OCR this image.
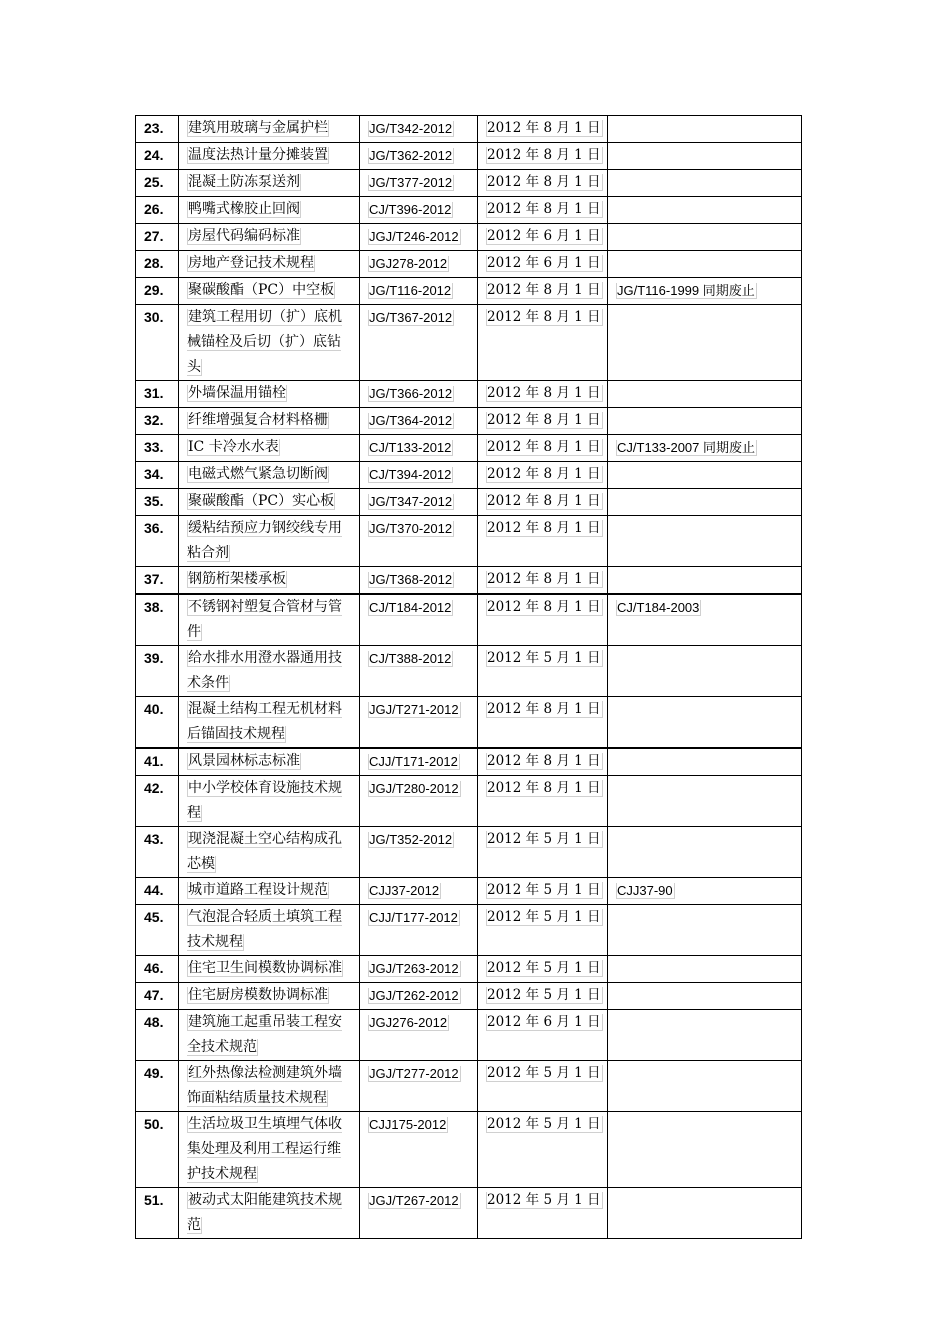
23.	建筑用玻璃与金属护栏	JG/T342-2012	2012 年 8 月 1 日	
24.	温度法热计量分摊装置	JG/T362-2012	2012 年 8 月 1 日	
25.	混凝土防冻泵送剂	JG/T377-2012	2012 年 8 月 1 日	
26.	鸭嘴式橡胶止回阀	CJ/T396-2012	2012 年 8 月 1 日	
27.	房屋代码编码标准	JGJ/T246-2012	2012 年 6 月 1 日	
28.	房地产登记技术规程	JGJ278-2012	2012 年 6 月 1 日	
29.	聚碳酸酯（PC）中空板	JG/T116-2012	2012 年 8 月 1 日	JG/T116-1999 同期废止
30.	建筑工程用切（扩）底机械锚栓及后切（扩）底钻头	JG/T367-2012	2012 年 8 月 1 日	
31.	外墙保温用锚栓	JG/T366-2012	2012 年 8 月 1 日	
32.	纤维增强复合材料格栅	JG/T364-2012	2012 年 8 月 1 日	
33.	IC 卡冷水水表	CJ/T133-2012	2012 年 8 月 1 日	CJ/T133-2007 同期废止
34.	电磁式燃气紧急切断阀	CJ/T394-2012	2012 年 8 月 1 日	
35.	聚碳酸酯（PC）实心板	JG/T347-2012	2012 年 8 月 1 日	
36.	缓粘结预应力钢绞线专用粘合剂	JG/T370-2012	2012 年 8 月 1 日	
37.	钢筋桁架楼承板	JG/T368-2012	2012 年 8 月 1 日	
38.	不锈钢衬塑复合管材与管件	CJ/T184-2012	2012 年 8 月 1 日	CJ/T184-2003
39.	给水排水用澄水器通用技术条件	CJ/T388-2012	2012 年 5 月 1 日	
40.	混凝土结构工程无机材料后锚固技术规程	JGJ/T271-2012	2012 年 8 月 1 日	
41.	风景园林标志标准	CJJ/T171-2012	2012 年 8 月 1 日	
42.	中小学校体育设施技术规程	JGJ/T280-2012	2012 年 8 月 1 日	
43.	现浇混凝土空心结构成孔芯模	JG/T352-2012	2012 年 5 月 1 日	
44.	城市道路工程设计规范	CJJ37-2012	2012 年 5 月 1 日	CJJ37-90
45.	气泡混合轻质土填筑工程技术规程	CJJ/T177-2012	2012 年 5 月 1 日	
46.	住宅卫生间模数协调标准	JGJ/T263-2012	2012 年 5 月 1 日	
47.	住宅厨房模数协调标准	JGJ/T262-2012	2012 年 5 月 1 日	
48.	建筑施工起重吊装工程安全技术规范	JGJ276-2012	2012 年 6 月 1 日	
49.	红外热像法检测建筑外墙饰面粘结质量技术规程	JGJ/T277-2012	2012 年 5 月 1 日	
50.	生活垃圾卫生填埋气体收集处理及利用工程运行维护技术规程	CJJ175-2012	2012 年 5 月 1 日	
51.	被动式太阳能建筑技术规范	JGJ/T267-2012	2012 年 5 月 1 日	
